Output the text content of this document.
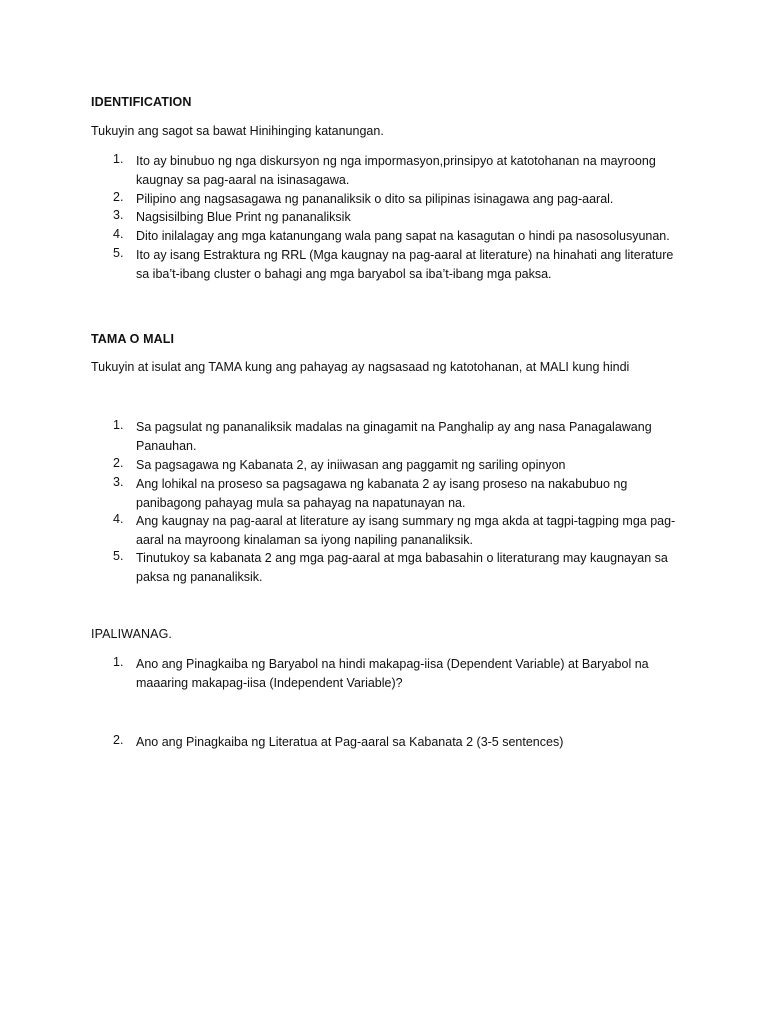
IDENTIFICATION
Tukuyin ang sagot sa bawat Hinihinging katanungan.
1. Ito ay binubuo ng nga diskursyon ng nga impormasyon,prinsipyo at katotohanan na mayroong kaugnay sa pag-aaral na isinasagawa.
2. Pilipino ang nagsasagawa ng pananaliksik o dito sa pilipinas isinagawa ang pag-aaral.
3. Nagsisilbing Blue Print ng pananaliksik
4. Dito inilalagay ang mga katanungang wala pang sapat na kasagutan o hindi pa nasosolusyunan.
5. Ito ay isang Estraktura ng RRL (Mga kaugnay na pag-aaral at literature) na hinahati ang literature sa iba’t-ibang cluster o bahagi ang mga baryabol sa iba’t-ibang mga paksa.
TAMA O MALI
Tukuyin at isulat ang TAMA kung ang pahayag ay nagsasaad ng katotohanan, at MALI kung hindi
1. Sa pagsulat ng pananaliksik madalas na ginagamit na Panghalip ay ang nasa Panagalawang Panauhan.
2. Sa pagsagawa ng Kabanata 2, ay iniiwasan ang paggamit ng sariling opinyon
3. Ang lohikal na proseso sa pagsagawa ng kabanata 2 ay isang proseso na nakabubuo ng panibagong pahayag mula sa pahayag na napatunayan na.
4. Ang kaugnay na pag-aaral at literature ay isang summary ng mga akda at tagpi-tagping mga pag-aaral na mayroong kinalaman sa iyong napiling pananaliksik.
5. Tinutukoy sa kabanata 2 ang mga pag-aaral at mga babasahin o literaturang may kaugnayan sa paksa ng pananaliksik.
IPALIWANAG.
1. Ano ang Pinagkaiba ng Baryabol na hindi makapag-iisa (Dependent Variable) at Baryabol na maaaring makapag-iisa (Independent Variable)?
2. Ano ang Pinagkaiba ng Literatua at Pag-aaral sa Kabanata 2 (3-5 sentences)
